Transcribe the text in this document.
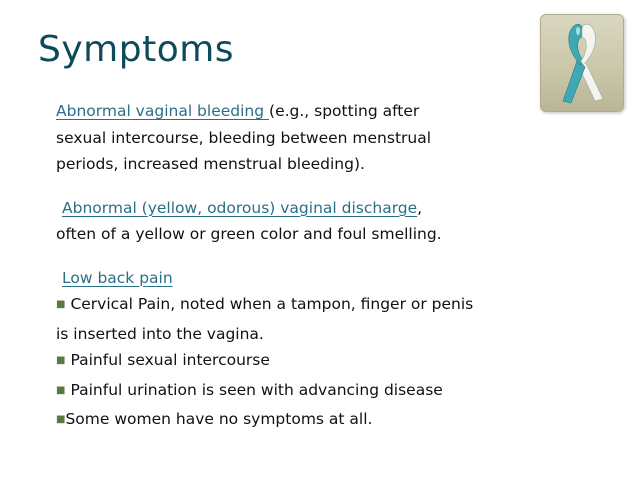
Symptoms

Abnormal vaginal bleeding (e.g., spotting after
sexual intercourse, bleeding between menstrual
periods, increased menstrual bleeding).

Abnormal (yellow, odorous) vaginal discharge,
often of a yellow or green color and foul smelling.

Low back pain

■ Cervical Pain, noted when a tampon, finger or penis
is inserted into the vagina.

■ Painful sexual intercourse

■ Painful urination is seen with advancing disease

■Some women have no symptoms at all.
